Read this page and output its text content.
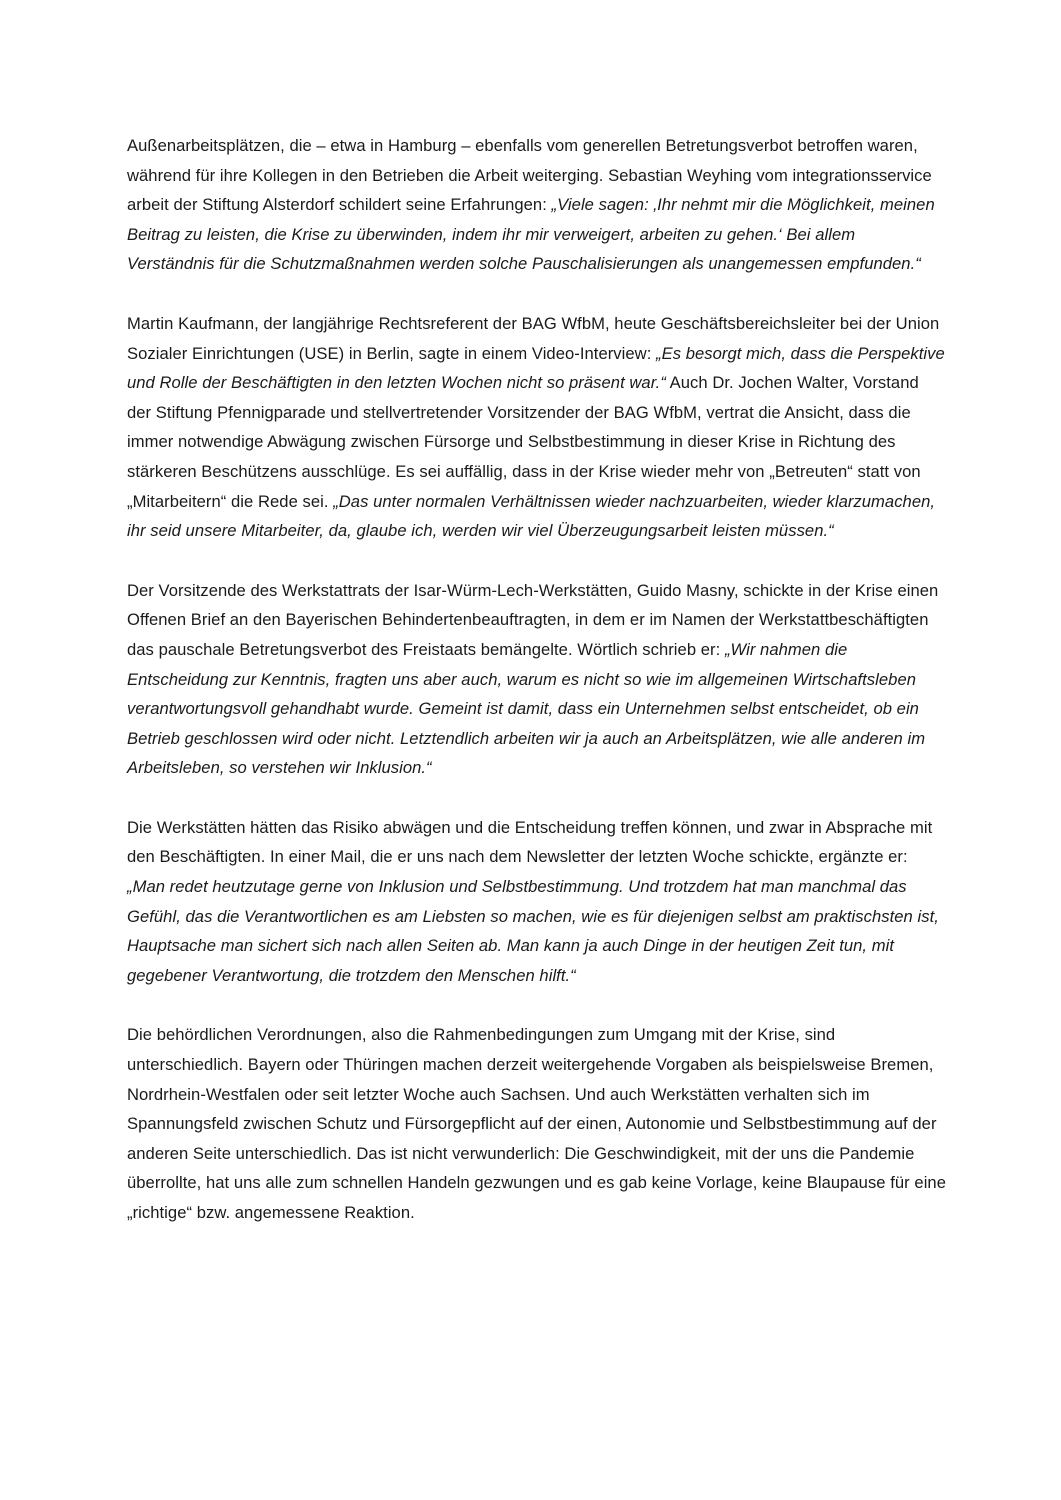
Außenarbeitsplätzen, die – etwa in Hamburg – ebenfalls vom generellen Betretungsverbot betroffen waren, während für ihre Kollegen in den Betrieben die Arbeit weiterging. Sebastian Weyhing vom integrationsservice arbeit der Stiftung Alsterdorf schildert seine Erfahrungen: „Viele sagen: ‚Ihr nehmt mir die Möglichkeit, meinen Beitrag zu leisten, die Krise zu überwinden, indem ihr mir verweigert, arbeiten zu gehen.‘ Bei allem Verständnis für die Schutzmaßnahmen werden solche Pauschalisierungen als unangemessen empfunden.“

Martin Kaufmann, der langjährige Rechtsreferent der BAG WfbM, heute Geschäftsbereichsleiter bei der Union Sozialer Einrichtungen (USE) in Berlin, sagte in einem Video-Interview: „Es besorgt mich, dass die Perspektive und Rolle der Beschäftigten in den letzten Wochen nicht so präsent war.“ Auch Dr. Jochen Walter, Vorstand der Stiftung Pfennigparade und stellvertretender Vorsitzender der BAG WfbM, vertrat die Ansicht, dass die immer notwendige Abwägung zwischen Fürsorge und Selbstbestimmung in dieser Krise in Richtung des stärkeren Beschützens ausschlüge. Es sei auffällig, dass in der Krise wieder mehr von „Betreuten“ statt von „Mitarbeitern“ die Rede sei. „Das unter normalen Verhältnissen wieder nachzuarbeiten, wieder klarzumachen, ihr seid unsere Mitarbeiter, da, glaube ich, werden wir viel Überzeugungsarbeit leisten müssen.“

Der Vorsitzende des Werkstattrats der Isar-Würm-Lech-Werkstätten, Guido Masny, schickte in der Krise einen Offenen Brief an den Bayerischen Behindertenbeauftragten, in dem er im Namen der Werkstattbeschäftigten das pauschale Betretungsverbot des Freistaats bemängelte. Wörtlich schrieb er: „Wir nahmen die Entscheidung zur Kenntnis, fragten uns aber auch, warum es nicht so wie im allgemeinen Wirtschaftsleben verantwortungsvoll gehandhabt wurde. Gemeint ist damit, dass ein Unternehmen selbst entscheidet, ob ein Betrieb geschlossen wird oder nicht. Letztendlich arbeiten wir ja auch an Arbeitsplätzen, wie alle anderen im Arbeitsleben, so verstehen wir Inklusion.“

Die Werkstätten hätten das Risiko abwägen und die Entscheidung treffen können, und zwar in Absprache mit den Beschäftigten. In einer Mail, die er uns nach dem Newsletter der letzten Woche schickte, ergänzte er: „Man redet heutzutage gerne von Inklusion und Selbstbestimmung. Und trotzdem hat man manchmal das Gefühl, das die Verantwortlichen es am Liebsten so machen, wie es für diejenigen selbst am praktischsten ist, Hauptsache man sichert sich nach allen Seiten ab. Man kann ja auch Dinge in der heutigen Zeit tun, mit gegebener Verantwortung, die trotzdem den Menschen hilft.“

Die behördlichen Verordnungen, also die Rahmenbedingungen zum Umgang mit der Krise, sind unterschiedlich. Bayern oder Thüringen machen derzeit weitergehende Vorgaben als beispielsweise Bremen, Nordrhein-Westfalen oder seit letzter Woche auch Sachsen. Und auch Werkstätten verhalten sich im Spannungsfeld zwischen Schutz und Fürsorgepflicht auf der einen, Autonomie und Selbstbestimmung auf der anderen Seite unterschiedlich. Das ist nicht verwunderlich: Die Geschwindigkeit, mit der uns die Pandemie überrollte, hat uns alle zum schnellen Handeln gezwungen und es gab keine Vorlage, keine Blaupause für eine „richtige“ bzw. angemessene Reaktion.
